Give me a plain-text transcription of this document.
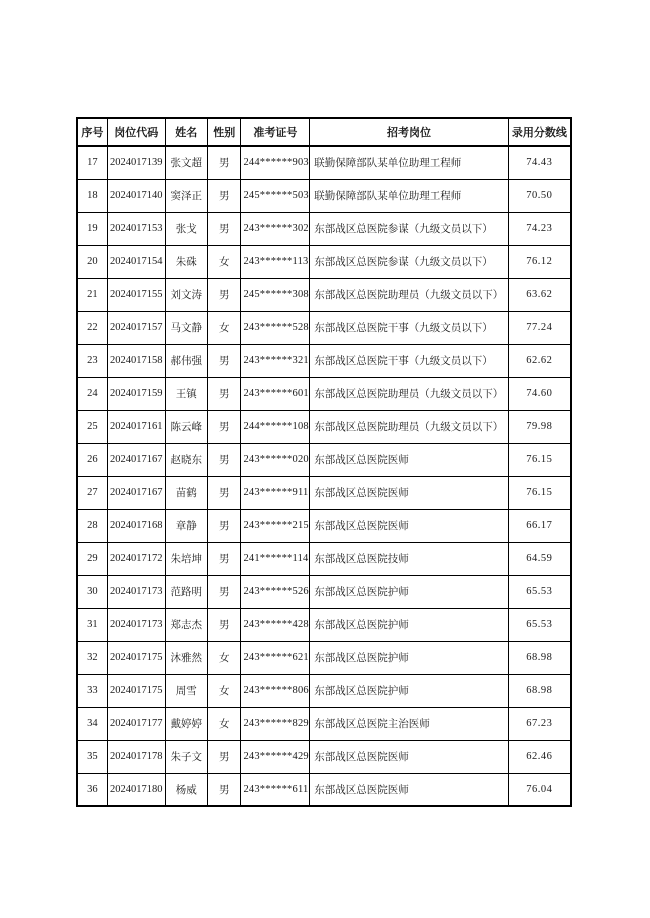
序号	岗位代码	姓名	性别	准考证号	招考岗位	录用分数线
17	2024017139	张文超	男	244******903	联勤保障部队某单位助理工程师	74.43
18	2024017140	窦泽正	男	245******503	联勤保障部队某单位助理工程师	70.50
19	2024017153	张戈	男	243******302	东部战区总医院参谋（九级文员以下）	74.23
20	2024017154	朱硃	女	243******113	东部战区总医院参谋（九级文员以下）	76.12
21	2024017155	刘文涛	男	245******308	东部战区总医院助理员（九级文员以下）	63.62
22	2024017157	马文静	女	243******528	东部战区总医院干事（九级文员以下）	77.24
23	2024017158	郝伟强	男	243******321	东部战区总医院干事（九级文员以下）	62.62
24	2024017159	王镇	男	243******601	东部战区总医院助理员（九级文员以下）	74.60
25	2024017161	陈云峰	男	244******108	东部战区总医院助理员（九级文员以下）	79.98
26	2024017167	赵晓东	男	243******020	东部战区总医院医师	76.15
27	2024017167	苗鹤	男	243******911	东部战区总医院医师	76.15
28	2024017168	章静	男	243******215	东部战区总医院医师	66.17
29	2024017172	朱培坤	男	241******114	东部战区总医院技师	64.59
30	2024017173	范路明	男	243******526	东部战区总医院护师	65.53
31	2024017173	郑志杰	男	243******428	东部战区总医院护师	65.53
32	2024017175	沐雅然	女	243******621	东部战区总医院护师	68.98
33	2024017175	周雪	女	243******806	东部战区总医院护师	68.98
34	2024017177	戴婷婷	女	243******829	东部战区总医院主治医师	67.23
35	2024017178	朱子文	男	243******429	东部战区总医院医师	62.46
36	2024017180	杨威	男	243******611	东部战区总医院医师	76.04
